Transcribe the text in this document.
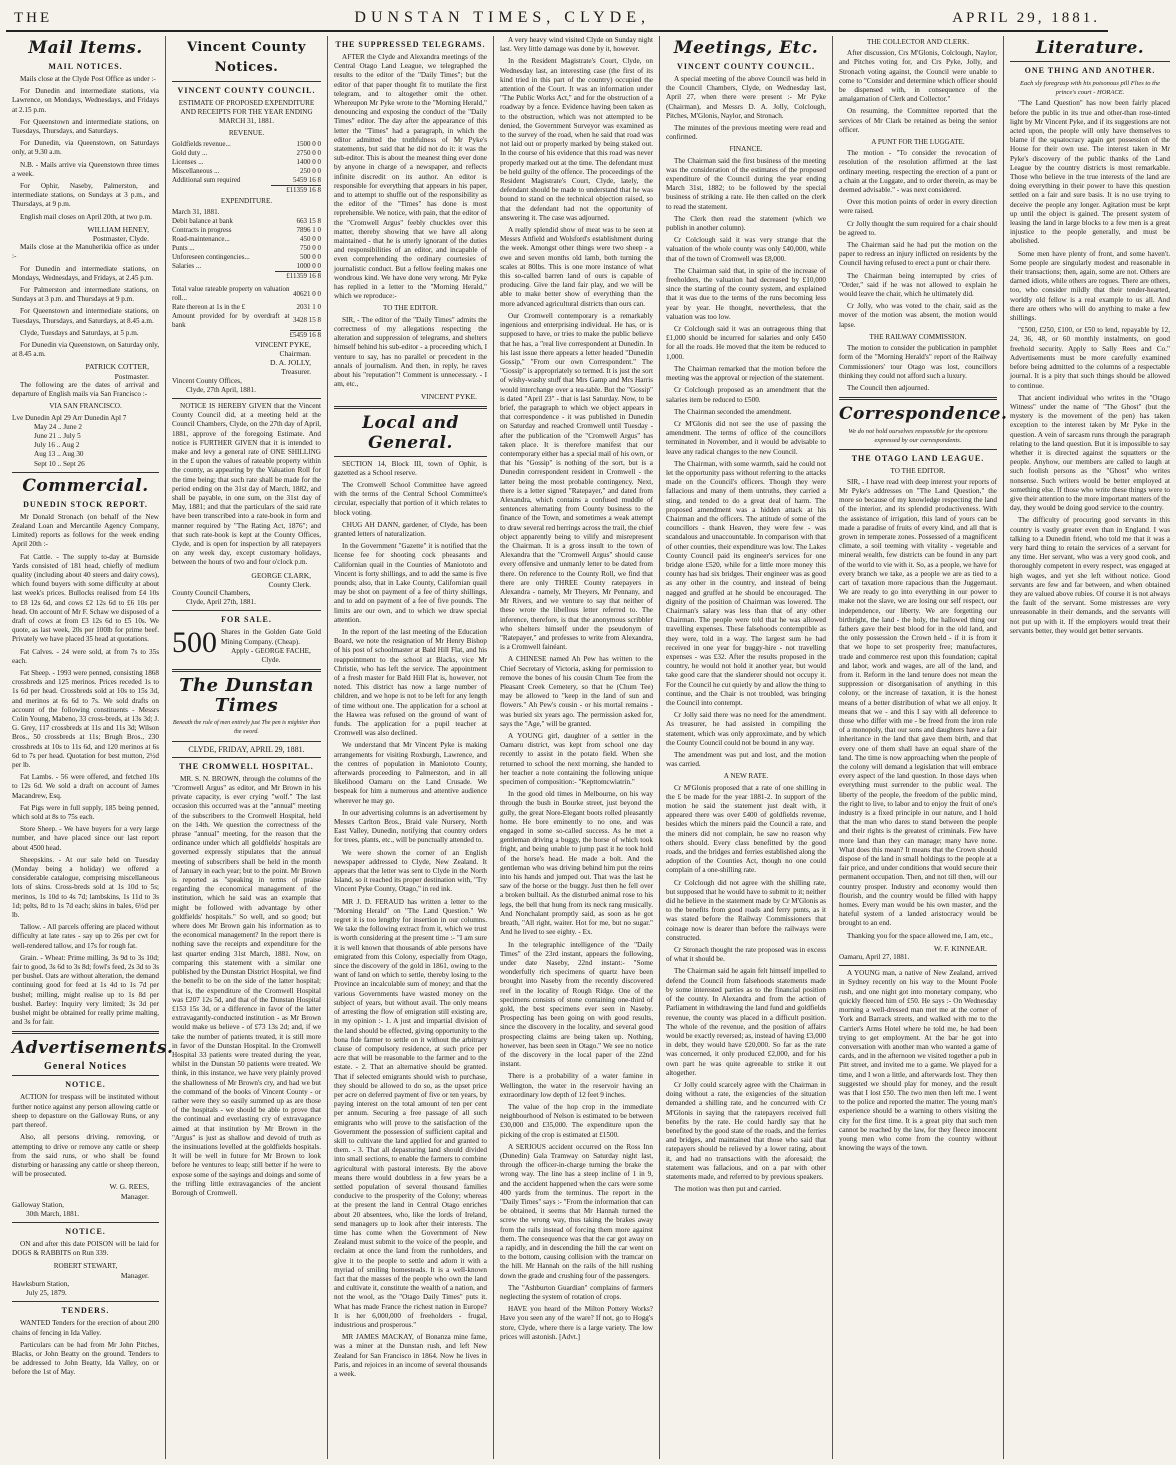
THE	DUNSTAN TIMES, CLYDE,	APRIL 29, 1881.
Mail Items.
MAIL NOTICES.

Mails close at the Clyde Post Office as under :-

For Dunedin and intermediate stations, via Lawrence, on Mondays, Wednesdays, and Fridays at 2.15 p.m.

For Queenstown and intermediate stations, on Tuesdays, Thursdays, and Saturdays.

For Dunedin, via Queenstown, on Saturdays only, at 9.30 a.m.

N.B. - Mails arrive via Queenstown three times a week.

For Ophir, Naseby, Palmerston, and intermediate stations, on Sundays at 3 p.m., and Thursdays, at 9 p.m.

English mail closes on April 20th, at two p.m.

WILLIAM HENEY,
Postmaster, Clyde.

Mails close at the Manuherikia office as under :-

For Dunedin and intermediate stations, on Mondays, Wednesdays, and Fridays, at 2.45 p.m.

For Palmerston and intermediate stations, on Sundays at 3 p.m. and Thursdays at 9 p.m.

For Queenstown and intermediate stations, on Tuesdays, Thursdays, and Saturdays, at 8.45 a.m.

Clyde, Tuesdays and Saturdays, at 5 p.m.

For Dunedin via Queenstown, on Saturday only, at 8.45 a.m.

PATRICK COTTER,
Postmaster.

The following are the dates of arrival and departure of English mails via San Francisco :-

VIA SAN FRANCISCO.
Lve Dunedin Apl 29 Arr Dunedin Apl 7
May 24 .. June 2
June 21 .. July 5
July 16 .. Aug 2
Aug 13 .. Aug 30
Sept 10 .. Sept 26
Commercial.
DUNEDIN STOCK REPORT.

Mr Donald Stronach (on behalf of the New Zealand Loan and Mercantile Agency Company, Limited) reports as follows for the week ending April 20th :-

Fat Cattle. - The supply to-day at Burnside Yards consisted of 181 head, chiefly of medium quality (including about 40 steers and dairy cows), which found buyers with some difficulty at about last week's prices. Bullocks realised from £4 10s to £8 12s 6d, and cows £2 12s 6d to £6 10s per head. On account of Mr F. Schaw we disposed of a draft of cows at from £3 12s 6d to £5 10s. We quote, as last week, 20s per 100lb for prime beef. Privately we have placed 35 head at quotations.

Fat Calves. - 24 were sold, at from 7s to 35s each.

Fat Sheep. - 1993 were penned, consisting 1868 crossbreds and 125 merinos. Prices receded 1s to 1s 6d per head. Crossbreds sold at 10s to 15s 3d, and merinos at 6s 6d to 7s. We sold drafts on account of the following constituents - Messrs Colin Young, Mabeno, 33 cross-breds, at 13s 3d; J. G. Grey, 117 crossbreds at 11s and 11s 3d; Wilson Bros., 50 crossbreds at 11s; Brugh Bros., 230 crossbreds at 10s to 11s 6d, and 120 merinos at 6s 6d to 7s per head. Quotation for best mutton, 2½d per lb.

Fat Lambs. - 56 were offered, and fetched 10s to 12s 6d. We sold a draft on account of James Macandrew, Esq.

Fat Pigs were in full supply, 185 being penned, which sold at 8s to 75s each.

Store Sheep. - We have buyers for a very large number, and have placed since our last report about 4500 head.

Sheepskins. - At our sale held on Tuesday (Monday being a holiday) we offered a considerable catalogue, comprising miscellaneous lots of skins. Cross-breds sold at 1s 10d to 5s; merinos, 1s 10d to 4s 7d; lambskins, 1s 11d to 3s 1d; pelts, 8d to 1s 7d each; skins in bales, 6½d per lb.

Tallow. - All parcels offering are placed without difficulty at late rates - say up to 26s per cwt for well-rendered tallow, and 17s for rough fat.

Grain. - Wheat: Prime milling, 3s 9d to 3s 10d; fair to good, 3s 6d to 3s 8d; fowl's feed, 2s 3d to 3s per bushel. Oats are without alteration, the demand continuing good for feed at 1s 4d to 1s 7d per bushel; milling, might realise up to 1s 8d per bushel. Barley: Inquiry very limited; 3s 3d per bushel might be obtained for really prime malting, and 3s for fair.

Advertisements.
General Notices
NOTICE.

ACTION for trespass will be instituted without further notice against any person allowing cattle or sheep to depasture on the Galloway Runs, or any part thereof.

Also, all persons driving, removing, or attempting to drive or remove any cattle or sheep from the said runs, or who shall be found disturbing or harassing any cattle or sheep thereon, will be prosecuted.

W. G. REES,
Manager.
Galloway Station,
30th March, 1881.
NOTICE.

ON and after this date POISON will be laid for DOGS & RABBITS on Run 339.

ROBERT STEWART,
Manager.
Hawksburn Station,
July 25, 1879.
TENDERS.

WANTED Tenders for the erection of about 200 chains of fencing in Ida Valley.

Particulars can be had from Mr John Pitches, Blacks, or John Beatty on the ground. Tenders to be addressed to John Beatty, Ida Valley, on or before the 1st of May.

Vincent County Notices.
VINCENT COUNTY COUNCIL.
ESTIMATE OF PROPOSED EXPENDITURE AND RECEIPTS FOR THE YEAR ENDING MARCH 31, 1881.
REVENUE.
Goldfields revenue...	1500 0 0
Gold duty ...	2750 0 0
Licenses ...	1400 0 0
Miscellaneous ...	250 0 0
Additional sum required	5459 16 8
	£11359 16 8
EXPENDITURE.
March 31, 1881.
Debit balance at bank	663 15 8
Contracts in progress	7896 1 0
Road-maintenance...	450 0 0
Punts ...	750 0 0
Unforeseen contingencies...	500 0 0
Salaries ...	1000 0 0
	£11359 16 8
Total value rateable property on valuation roll...	40621 0 0
Rate thereon at 1s in the £	2031 1 0
Amount provided for by overdraft at bank	3428 15 8
	£5459 16 8
VINCENT PYKE,
Chairman.
D. A. JOLLY,
Treasurer.
Vincent County Offices,
Clyde, 27th April, 1881.

NOTICE IS HEREBY GIVEN that the Vincent County Council did, at a meeting held at the Council Chambers, Clyde, on the 27th day of April, 1881, approve of the foregoing Estimate. And notice is FURTHER GIVEN that it is intended to make and levy a general rate of ONE SHILLING in the £ upon the values of rateable property within the county, as appearing by the Valuation Roll for the time being; that such rate shall be made for the period ending on the 31st day of March, 1882, and shall be payable, in one sum, on the 31st day of May, 1881; and that the particulars of the said rate have been transcribed into a rate-book in form and manner required by "The Rating Act, 1876"; and that such rate-book is kept at the County Offices, Clyde, and is open for inspection by all ratepayers on any week day, except customary holidays, between the hours of two and four o'clock p.m.

GEORGE CLARK,
County Clerk.
County Council Chambers,
Clyde, April 27th, 1881.
FOR SALE.
500 Shares in the Golden Gate Gold Mining Company. (Cheap).
Apply - GEORGE FACHE, Clyde.
The Dunstan Times
Beneath the rule of men entirely just The pen is mightier than the sword.
CLYDE, FRIDAY, APRIL 29, 1881.
THE CROMWELL HOSPITAL.

MR. S. N. BROWN, through the columns of the "Cromwell Argus" as editor, and Mr Brown in his private capacity, is ever crying "wolf." The last occasion this occurred was at the "annual" meeting of the subscribers to the Cromwell Hospital, held on the 14th. We question the correctness of the phrase "annual" meeting, for the reason that the ordinance under which all goldfields' hospitals are governed expressly stipulates that the annual meeting of subscribers shall be held in the month of January in each year; but to the point. Mr Brown is reported as "speaking in terms of praise regarding the economical management of the institution, which he said was an example that might be followed with advantage by other goldfields' hospitals." So well, and so good; but where does Mr Brown gain his information as to the economical management? In the report there is nothing save the receipts and expenditure for the last quarter ending 31st March, 1881. Now, on comparing this statement with a similar one published by the Dunstan District Hospital, we find the benefit to be on the side of the latter hospital; that is, the expenditure of the Cromwell Hospital was £207 12s 5d, and that of the Dunstan Hospital £153 15s 3d, or a difference in favor of the latter extravagantly-conducted institution - as Mr Brown would make us believe - of £73 13s 2d; and, if we take the number of patients treated, it is still more in favor of the Dunstan Hospital. In the Cromwell Hospital 33 patients were treated during the year, whilst in the Dunstan 50 patients were treated. We think, in this instance, we have very plainly proved the shallowness of Mr Brown's cry, and had we but the command of the books of Vincent County - or rather were they so easily summed up as are those of the hospitals - we should be able to prove that the continual and everlasting cry of extravagance aimed at that institution by Mr Brown in the "Argus" is just as shallow and devoid of truth as the insinuations levelled at the goldfields hospitals. It will be well in future for Mr Brown to look before he ventures to leap; still better if he were to expose some of the sayings and doings and some of the trifling little extravagancies of the ancient Borough of Cromwell.

THE SUPPRESSED TELEGRAMS.

AFTER the Clyde and Alexandra meetings of the Central Otago Land League, we telegraphed the results to the editor of the "Daily Times"; but the editor of that paper thought fit to mutilate the first telegram, and to altogether omit the other. Whereupon Mr Pyke wrote to the "Morning Herald," denouncing and exposing the conduct of the "Daily Times" editor. The day after the appearance of this letter the "Times" had a paragraph, in which the editor admitted the truthfulness of Mr Pyke's statements, but said that he did not do it: it was the sub-editor. This is about the meanest thing ever done by anyone in charge of a newspaper, and reflects infinite discredit on its author. An editor is responsible for everything that appears in his paper, and to attempt to shuffle out of the responsibility as the editor of the "Times" has done is most reprehensible. We notice, with pain, that the editor of the "Cromwell Argus" feebly chuckles over this matter, thereby showing that we have all along maintained - that he is utterly ignorant of the duties and responsibilities of an editor, and incapable of even comprehending the ordinary courtesies of journalistic conduct. But a fellow feeling makes one wondrous kind. We have done very wrong. Mr Pyke has replied in a letter to the "Morning Herald," which we reproduce:-

TO THE EDITOR.

SIR, - The editor of the "Daily Times" admits the correctness of my allegations respecting the alteration and suppression of telegrams, and shelters himself behind his sub-editor - a proceeding which, I venture to say, has no parallel or precedent in the annals of journalism. And then, in reply, he raves about his "reputation"! Comment is unnecessary. - I am, etc.,

VINCENT PYKE.
Local and General.

SECTION 14, Block III, town of Ophir, is gazetted as a School reserve.

The Cromwell School Committee have agreed with the terms of the Central School Committee's circular, especially that portion of it which relates to block voting.

CHUG AH DANN, gardener, of Clyde, has been granted letters of naturalization.

In the Government "Gazette" it is notified that the license fee for shooting cock pheasants and Californian quail in the Counties of Maniototo and Vincent is forty shillings, and to add the same is five pounds; also, that in Lake County, Californian quail may be shot on payment of a fee of thirty shillings, and to add on payment of a fee of five pounds. The limits are our own, and to which we draw special attention.

In the report of the last meeting of the Education Board, we note the resignation of Mr Henry Bishop of his post of schoolmaster at Bald Hill Flat, and his reappointment to the school at Blacks, vice Mr Christie, who has left the service. The appointment of a fresh master for Bald Hill Flat is, however, not noted. This district has now a large number of children, and we hope is not to be left for any length of time without one. The application for a school at the Hawea was refused on the ground of want of funds. The application for a pupil teacher at Cromwell was also declined.

We understand that Mr Vincent Pyke is making arrangements for visiting Roxburgh, Lawrence, and the centres of population in Maniototo County, afterwards proceeding to Palmerston, and in all likelihood Oamaru on the Land Crusade. We bespeak for him a numerous and attentive audience wherever he may go.

In our advertising columns is an advertisement by Messrs Carlton Bros., Braid vale Nursery, North East Valley, Dunedin, notifying that country orders for trees, plants, etc., will be punctually attended to.

We were shown the corner of an English newspaper addressed to Clyde, New Zealand. It appears that the letter was sent to Clyde in the North Island, so it reached its proper destination with, "Try Vincent Pyke County, Otago," in red ink.

MR J. D. FERAUD has written a letter to the "Morning Herald" on "The Land Question." We regret it is too lengthy for insertion in our columns. We take the following extract from it, which we trust is worth considering at the present time :- "I am sure it is well known that thousands of able persons have emigrated from this Colony, especially from Otago, since the discovery of the gold in 1861, owing to the want of land on which to settle, thereby losing to the Province an incalculable sum of money; and that the various Governments have wasted money on the subject of years, but without avail. The only means of arresting the flow of emigration still existing are, in my opinion :- 1. A just and impartial division of the land should be effected, giving opportunity to the bona fide farmer to settle on it without the arbitrary clause of compulsory residence, at such price per acre that will be reasonable to the farmer and to the estate. - 2. That an alternative should be granted. That if selected emigrants should wish to purchase, they should be allowed to do so, as the upset price per acre on deferred payment of five or ten years, by paying interest on the total amount of ten per cent per annum. Securing a free passage of all such emigrants who will prove to the satisfaction of the Government the possession of sufficient capital and skill to cultivate the land applied for and granted to them. - 3. That all depasturing land should divided into small sections, to enable the farmers to combine agricultural with pastoral interests. By the above means there would doubtless in a few years be a settled population of several thousand families conducive to the prosperity of the Colony; whereas at the present the land in Central Otago enriches about 20 absentees, who, like the lords of Ireland, send managers up to look after their interests. The time has come when the Government of New Zealand must submit to the voice of the people, and reclaim at once the land from the runholders, and give it to the people to settle and adorn it with a myriad of smiling homesteads. It is a well-known fact that the masses of the people who own the land and cultivate it, constitute the wealth of a nation, and not the wool, as the "Otago Daily Times" puts it. What has made France the richest nation in Europe? It is her 6,000,000 of freeholders - frugal, industrious and prosperous."

MR JAMES MACKAY, of Bonanza mine fame, was a miner at the Dunstan rush, and left New Zealand for San Francisco in 1864. Now he lives in Paris, and rejoices in an income of several thousands a week.

A very heavy wind visited Clyde on Sunday night last. Very little damage was done by it, however.

In the Resident Magistrate's Court, Clyde, on Wednesday last, an interesting case (the first of its kind tried in this part of the country) occupied the attention of the Court. It was an information under "The Public Works Act," and for the obstruction of a roadway by a fence. Evidence having been taken as to the obstruction, which was not attempted to be denied, the Government Surveyor was examined as to the survey of the road, when he said that road was not laid out or properly marked by being staked out. In the course of his evidence that this road was never properly marked out at the time. The defendant must be held guilty of the offence. The proceedings of the Resident Magistrate's Court, Clyde, lately, the defendant should be made to understand that he was bound to stand on the technical objection raised, so that the defendant had not the opportunity of answering it. The case was adjourned.

A really splendid show of meat was to be seen at Messrs Attfield and Wolsford's establishment during the week. Amongst other things were two sheep - a ewe and seven months old lamb, both turning the scales at 80lbs. This is one more instance of what this so-called barren land of ours is capable of producing. Give the land fair play, and we will be able to make better show of everything than the more advanced agricultural districts than ours can.

Our Cromwell contemporary is a remarkably ingenious and enterprising individual. He has, or is supposed to have, or tries to make the public believe that he has, a "real live correspondent at Dunedin. In his last issue there appears a letter headed "Dunedin Gossip," "From our own Correspondent." The "Gossip" is appropriately so termed. It is just the sort of wishy-washy stuff that Mrs Gamp and Mrs Harris would interchange over a tea-table. But the "Gossip" is dated "April 23" - that is last Saturday. Now, to be brief, the paragraph to which we object appears in that correspondence - it was published in Dunedin on Saturday and reached Cromwell until Tuesday - after the publication of the "Cromwell Argus" has taken place. It is therefore manifest that our contemporary either has a special mail of his own, or that his "Gossip" is nothing of the sort, but is a Dunedin correspondent resident in Cromwell - the latter being the most probable contingency. Next, there is a letter signed "Ratepayer," and dated from Alexandra, which contains a confused muddle of sentences alternating from County business to the finance of the Town, and sometimes a weak attempt to draw several red herrings across the trail, the chief object apparently being to vilify and misrepresent the Chairman. It is a gross insult to the town of Alexandra that the "Cromwell Argus" should cause every offensive and unmanly letter to be dated from there. On reference to the County Roll, we find that there are only THREE County ratepayers in Alexandra - namely, Mr Theyers, Mr Pennany, and Mr Rivers, and we venture to say that neither of these wrote the libellous letter referred to. The inference, therefore, is that the anonymous scribbler who shelters himself under the pseudonym of "Ratepayer," and professes to write from Alexandra, is a Cromwell fainéant.

A CHINESE named Ah Pew has written to the Chief Secretary of Victoria, asking for permission to remove the bones of his cousin Chum Tee from the Pleasant Creek Cemetery, so that he (Chum Tee) may be allowed to "keep in the land of sun and flowers." Ah Pew's cousin - or his mortal remains - was buried six years ago. The permission asked for, says the "Age," will be granted.

A YOUNG girl, daughter of a settler in the Oamaru district, was kept from school one day recently to assist in the potato field. When she returned to school the next morning, she handed to her teacher a note containing the following unique specimen of composition:- "Kepttomcwiatrin."

In the good old times in Melbourne, on his way through the bush in Bourke street, just beyond the gully, the great Nore-Elegant boots rolled pleasantly home. He bore eminently to no one, and was engaged in some so-called success. As he met a gentleman driving a buggy, the horse of which took fright, and being unable to jump past it he took hold of the horse's head. He made a bolt. And the gentleman who was driving behind him put the reins into his hands and jumped out. That was the last he saw of the horse or the buggy. Just then he fell over a broken bulltail. As the disturbed animal rose to his legs, the bell that hung from its neck rang musically. And Nonchalant promptly said, as soon as he got breath, "All right, waiter. Hot for me, but no sugar." And he lived to see eighty. - Ex.

In the telegraphic intelligence of the "Daily Times" of the 23rd instant, appears the following, under date Naseby, 22nd instant:- "Some wonderfully rich specimens of quartz have been brought into Naseby from the recently discovered reef in the locality of Rough Ridge. One of the specimens consists of stone containing one-third of gold, the best specimens ever seen in Naseby. Prospecting has been going on with good results, since the discovery in the locality, and several good prospecting claims are being taken up. Nothing, however, has been seen in Otago." We see no notice of the discovery in the local paper of the 22nd instant.

There is a probability of a water famine in Wellington, the water in the reservoir having an extraordinary low depth of 12 feet 9 inches.

The value of the hop crop in the immediate neighbourhood of Nelson is estimated to be between £30,000 and £35,000. The expenditure upon the picking of the crop is estimated at £1500.

A SERIOUS accident occurred on the Ross Inn (Dunedin) Gala Tramway on Saturday night last, through the officer-in-charge turning the brake the wrong way. The line has a steep incline of 1 in 9, and the accident happened when the cars were some 400 yards from the terminus. The report in the "Daily Times" says :- "From the information that can be obtained, it seems that Mr Hannah turned the screw the wrong way, thus taking the brakes away from the rails instead of forcing them more against them. The consequence was that the car got away on a rapidly, and in descending the hill the car went on to the bottom, causing collision with the tramcar on the hill. Mr Hannah on the rails of the hill rushing down the grade and crushing four of the passengers.

The "Ashburton Guardian" complains of farmers neglecting the system of rotation of crops.

HAVE you heard of the Milton Pottery Works? Have you seen any of the ware? If not, go to Hogg's store, Clyde, where there is a large variety. The low prices will astonish. [Advt.]

Meetings, Etc.
VINCENT COUNTY COUNCIL.

A special meeting of the above Council was held in the Council Chambers, Clyde, on Wednesday last, April 27, when there were present :- Mr Pyke (Chairman), and Messrs D. A. Jolly, Colclough, Pitches, M'Glonis, Naylor, and Stronach.

The minutes of the previous meeting were read and confirmed.

FINANCE.

The Chairman said the first business of the meeting was the consideration of the estimates of the proposed expenditure of the Council during the year ending March 31st, 1882; to be followed by the special business of striking a rate. He then called on the clerk to read the statement.

The Clerk then read the statement (which we publish in another column).

Cr Colclough said it was very strange that the valuation of the whole county was only £40,000, while that of the town of Cromwell was £8,000.

The Chairman said that, in spite of the increase of freeholders, the valuation had decreased by £10,000 since the starting of the county system, and explained that it was due to the terms of the runs becoming less year by year. He thought, nevertheless, that the valuation was too low.

Cr Colclough said it was an outrageous thing that £1,000 should be incurred for salaries and only £450 for all the roads. He moved that the item be reduced to 1,000.

The Chairman remarked that the motion before the meeting was the approval or rejection of the statement.

Cr Colclough proposed as an amendment that the salaries item be reduced to £500.

The Chairman seconded the amendment.

Cr M'Glonis did not see the use of passing the amendment. The terms of office of the councillors terminated in November, and it would be advisable to leave any radical changes to the new Council.

The Chairman, with some warmth, said he could not let the opportunity pass without referring to the attacks made on the Council's officers. Though they were fallacious and many of them untruths, they carried a sting, and tended to do a great deal of harm. The proposed amendment was a hidden attack at his Chairman and the officers. The attitude of some of the councillors - thank Heaven, they were few - was scandalous and unaccountable. In comparison with that of other counties, their expenditure was low. The Lakes County Council paid its engineer's services for one bridge alone £520, while for a little more money this county has had six bridges. Their engineer was as good as any other in the country, and instead of being nagged and gruffed at he should be encouraged. The dignity of the position of Chairman was lowered. The Chairman's salary was less than that of any other Chairman. The people were told that he was allowed travelling expenses. These falsehoods contemptible as they were, told in a way. The largest sum he had received in one year for buggy-hire - not travelling expenses - was £32. After the results proposed in the country, he would not hold it another year, but would take good care that the slanderer should not occupy it. For the Council he cut quietly by and allow the thing to continue, and the Chair is not troubled, was bringing the Council into contempt.

Cr Jolly said there was no need for the amendment. As treasurer, he had assisted in compiling the statement, which was only approximate, and by which the County Council could not be bound in any way.

The amendment was put and lost, and the motion was carried.

A NEW RATE.

Cr M'Glonis proposed that a rate of one shilling in the £ be made for the year 1881-2. In support of the motion he said the statement just dealt with, it appeared there was over £400 of goldfields revenue, besides which the miners paid the Council a rate, and the miners did not complain, he saw no reason why others should. Every class benefitted by the good roads, and the bridges and ferries established along the adoption of the Counties Act, though no one could complain of a one-shilling rate.

Cr Colclough did not agree with the shilling rate, but supposed that he would have to submit to it; neither did he believe in the statement made by Cr M'Glonis as to the benefits from good roads and ferry punts, as it was stated before the Railway Commissioners that coinage now is dearer than before the railways were constructed.

Cr Stronach thought the rate proposed was in excess of what it should be.

The Chairman said he again felt himself impelled to defend the Council from falsehoods statements made by some interested parties as to the financial position of the county. In Alexandra and from the action of Parliament in withdrawing the land fund and goldfields revenue, the county was placed in a difficult position. The whole of the revenue, and the position of affairs would be exactly reversed; as, instead of having £3,000 in debt, they would have £20,000. So far as the rate was concerned, it only produced £2,000, and for his own part he was quite agreeable to strike it out altogether.

Cr Jolly could scarcely agree with the Chairman in doing without a rate, the exigencies of the situation demanded a shilling rate, and he concurred with Cr M'Glonis in saying that the ratepayers received full benefits by the rate. He could hardly say that he benefited by the good state of the roads, and the ferries and bridges, and maintained that those who said that ratepayers should be relieved by a lower rating, about it, and had no transactions with the aforesaid; the statement was fallacious, and on a par with other statements made, and referred to by previous speakers.

The motion was then put and carried.

THE COLLECTOR AND CLERK.

After discussion, Crs M'Glonis, Colclough, Naylor, and Pitches voting for, and Crs Pyke, Jolly, and Stronach voting against, the Council were unable to come to "Consider and determine which officer should be dispensed with, in consequence of the amalgamation of Clerk and Collector."

On resuming, the Committee reported that the services of Mr Clark be retained as being the senior officer.

A PUNT FOR THE LUGGATE.

The motion - "To consider the revocation of resolution of the resolution affirmed at the last ordinary meeting, respecting the erection of a punt or a chain at the Luggate, and to order therein, as may be deemed advisable." - was next considered.

Over this motion points of order in every direction were raised.

Cr Jolly thought the sum required for a chair should be agreed to.

The Chairman said he had put the motion on the paper to redress an injury inflicted on residents by the Council having refused to erect a punt or chair there.

The Chairman being interrupted by cries of "Order," said if he was not allowed to explain he would leave the chair, which he ultimately did.

Cr Jolly, who was voted to the chair, said as the mover of the motion was absent, the motion would lapse.

THE RAILWAY COMMISSION.

The motion to consider the publication in pamphlet form of the "Morning Herald's" report of the Railway Commissioners' tour Otago was lost, councillors thinking they could not afford such a luxury.

The Council then adjourned.

Correspondence.
We do not hold ourselves responsible for the opinions expressed by our correspondents.
THE OTAGO LAND LEAGUE.
TO THE EDITOR.

SIR, - I have read with deep interest your reports of Mr Pyke's addresses on "The Land Question," the more so because of my knowledge respecting the land of the interior, and its splendid productiveness. With the assistance of irrigation, this land of yours can be made a paradise of fruits of every kind, and all that is grown in temperate zones. Possessed of a magnificent climate, a soil teeming with vitality - vegetable and mineral wealth, few districts can be found in any part of the world to vie with it. So, as a people, we have for every branch we take, as a people we are as tied to a cart of taxation more rapacious than the Juggernaut. We are ready to go into everything in our power to make not the slave, we are losing our self respect, our independence, our liberty. We are forgetting our birthright, the land - the holy, the hallowed thing our fathers gave their best blood for in the old land, and the only possession the Crown held - if it is from it that we hope to set prosperity free; manufactures, trade and commerce rest upon this foundation; capital and labor, work and wages, are all of the land, and from it. Reform in the land tenure does not mean the suppression or disorganisation of anything in this colony, or the increase of taxation, it is the honest means of a better distribution of what we all enjoy. It means that we - and this I say with all deference to those who differ with me - be freed from the iron rule of a monopoly, that our sons and daughters have a fair inheritance in the land that gave them birth, and that every one of them shall have an equal share of the land. The time is now approaching when the people of the colony will demand a legislation that will embrace every aspect of the land question. In those days when everything must surrender to the public weal. The liberty of the people, the freedom of the public mind, the right to live, to labor and to enjoy the fruit of one's industry is a fixed principle in our nature, and I hold that the man who dares to stand between the people and their rights is the greatest of criminals. Few have more land than they can manage; many have none. What does this mean? It means that the Crown should dispose of the land in small holdings to the people at a fair price, and under conditions that would secure their permanent occupation. Then, and not till then, will our country prosper. Industry and economy would then flourish, and the country would be filled with happy homes. Every man would be his own master, and the hateful system of a landed aristocracy would be brought to an end.

Thanking you for the space allowed me, I am, etc.,

W. F. KINNEAR.
Oamaru, April 27, 1881.

A YOUNG man, a native of New Zealand, arrived in Sydney recently on his way to the Mount Poole rush, and one night got into monetary company, who quickly fleeced him of £50. He says :- On Wednesday morning a well-dressed man met me at the corner of York and Barrack streets, and walked with me to the Carrier's Arms Hotel where he told me, he had been trying to get employment. At the bar he got into conversation with another man who wanted a game of cards, and in the afternoon we visited together a pub in Pitt street, and invited me to a game. We played for a time, and I won a little, and afterwards lost. They then suggested we should play for money, and the result was that I lost £50. The two men then left me. I went to the police and reported the matter. The young man's experience should be a warning to others visiting the city for the first time. It is a great pity that such men cannot be reached by the law, for they fleece innocent young men who come from the country without knowing the ways of the town.

Literature.
ONE THING AND ANOTHER.
Each sly foregrasp with his poisonous pill Flies to the prince's court - HORACE.

"The Land Question" has now been fairly placed before the public in its true and other-than rose-tinted light by Mr Vincent Pyke, and if its suggestions are not acted upon, the people will only have themselves to blame if the squatocracy again get possession of the House for their own use. The interest taken in Mr Pyke's discovery of the public thanks of the Land League by the country districts is most remarkable. Those who believe in the true interests of the land are doing everything in their power to have this question settled on a fair and sure basis. It is no use trying to deceive the people any longer. Agitation must be kept up until the object is gained. The present system of leasing the land in large blocks to a few men is a great injustice to the people generally, and must be abolished.

Some men have plenty of front, and some haven't. Some people are singularly modest and reasonable in their transactions; then, again, some are not. Others are darned idiots, while others are rogues. There are others, too, who consider mildly that their tender-hearted, worldly old fellow is a real example to us all. And there are others who will do anything to make a few shillings.

"£500, £250, £100, or £50 to lend, repayable by 12, 24, 36, 48, or 60 monthly instalments, on good freehold security. Apply to Sally Rees and Co." Advertisements must be more carefully examined before being admitted to the columns of a respectable journal. It is a pity that such things should be allowed to continue.

That ancient individual who writes in the "Otago Witness" under the name of "The Ghost" (but the mystery is the movement of the pen) has taken exception to the interest taken by Mr Pyke in the question. A vein of sarcasm runs through the paragraph relating to the land question. But it is impossible to say whether it is directed against the squatters or the people. Anyhow, our members are called to laugh at such foolish persons as the "Ghost" who writes nonsense. Such writers would be better employed at something else. If those who write these things were to give their attention to the more important matters of the day, they would be doing good service to the country.

The difficulty of procuring good servants in this country is vastly greater even than in England. I was talking to a Dunedin friend, who told me that it was a very hard thing to retain the services of a servant for any time. Her servant, who was a very good cook, and thoroughly competent in every respect, was engaged at high wages, and yet she left without notice. Good servants are few and far between, and when obtained they are valued above rubies. Of course it is not always the fault of the servant. Some mistresses are very unreasonable in their demands, and the servants will not put up with it. If the employers would treat their servants better, they would get better servants.
